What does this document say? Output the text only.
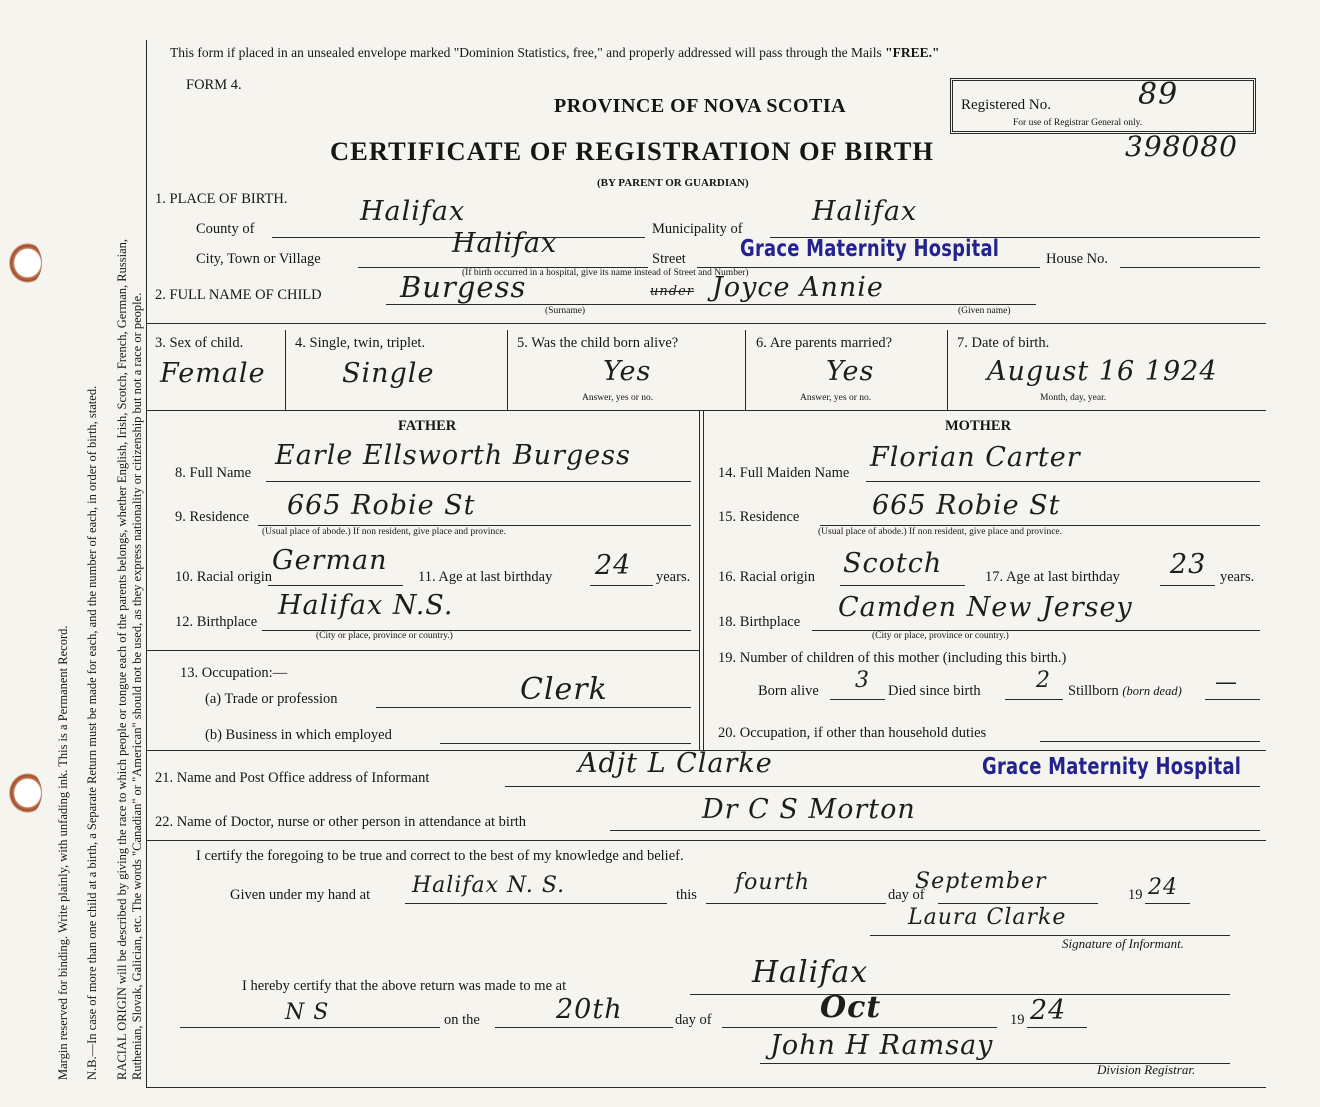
Margin reserved for binding. Write plainly, with unfading ink. This is a Permanent Record. N.B.—In case of more than one child at a birth, a Separate Return must be made for each, and the number of each, in order of birth, stated. RACIAL ORIGIN will be described by giving the race to which people or tongue each of the parents belongs, whether English, Irish, Scotch, French, German, Russian, Ruthenian, Slovak, Galician, etc. The words "Canadian" or "American" should not be used, as they express nationality or citizenship but not a race or people.
This form if placed in an unsealed envelope marked "Dominion Statistics, free," and properly addressed will pass through the Mails "FREE."
FORM 4.
PROVINCE OF NOVA SCOTIA
CERTIFICATE OF REGISTRATION OF BIRTH
(BY PARENT OR GUARDIAN)
Registered No.	89
For use of Registrar General only.
398080
1. PLACE OF BIRTH.
County of
Halifax
Municipality of
Halifax
City, Town or Village	Halifax	Street Grace Maternity Hospital
(If birth occurred in a hospital, give its name instead of Street and Number)
House No.
2. FULL NAME OF CHILD	Burgess	under Joyce Annie
(Surname)	(Given name)
3. Sex of child.
Female
4. Single, twin, triplet.
Single
5. Was the child born alive?
Yes
Answer, yes or no.
6. Are parents married?
Yes
Answer, yes or no.
7. Date of birth.
August 16 1924
Month, day, year.
FATHER
8. Full Name
Earle Ellsworth Burgess
9. Residence 665 Robie St
(Usual place of abode.) If non resident, give place and province.
10. Racial origin
German
11. Age at last birthday 24 years.
12. Birthplace
Halifax N.S.
(City or place, province or country.)
13. Occupation:—
(a) Trade or profession	Clerk
(b) Business in which employed
MOTHER
14. Full Maiden Name Florian Carter
15. Residence	665 Robie St
(Usual place of abode.) If non resident, give place and province.
16. Racial origin Scotch	17. Age at last birthday 23 years.
18. Birthplace Camden New Jersey
(City or place, province or country.)
19. Number of children of this mother (including this birth.)
Born alive 3 Died since birth	2 Stillborn (born dead) —
20. Occupation, if other than household duties
21. Name and Post Office address of Informant	Adjt L Clarke	Grace Maternity Hospital
22. Name of Doctor, nurse or other person in attendance at birth	Dr C S Morton
I certify the foregoing to be true and correct to the best of my knowledge and belief.
Given under my hand at Halifax N. S.	this fourth	day of
September
19 24
Laura Clarke
Signature of Informant.
I hereby certify that the above return was made to me at	Halifax
N S	on the	20th	day of	Oct	19 24
John H Ramsay
Division Registrar.
